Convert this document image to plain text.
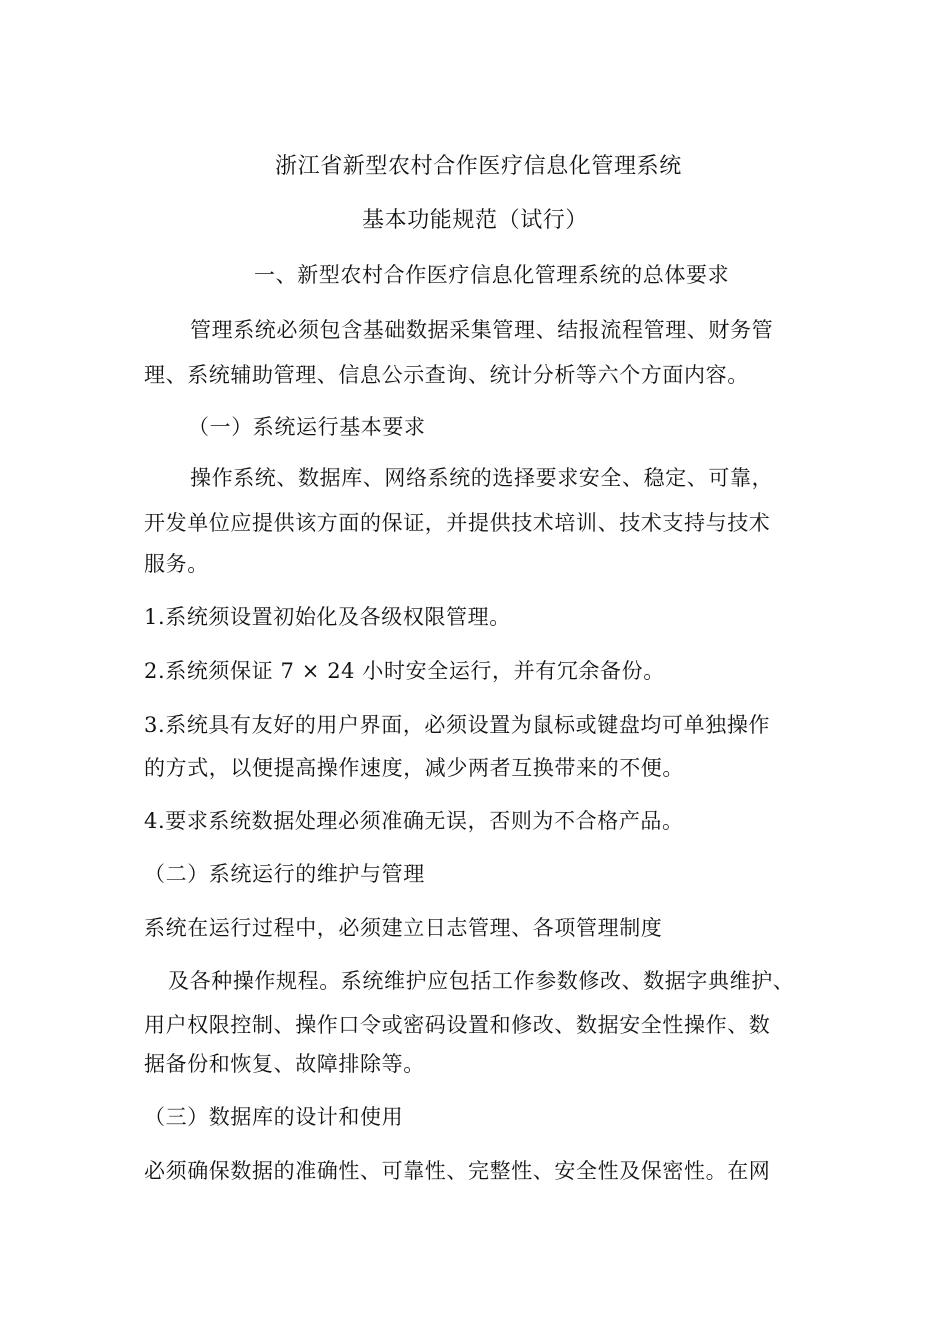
浙江省新型农村合作医疗信息化管理系统
基本功能规范（试行）
一、新型农村合作医疗信息化管理系统的总体要求
管理系统必须包含基础数据采集管理、结报流程管理、财务管
理、系统辅助管理、信息公示查询、统计分析等六个方面内容。
（一）系统运行基本要求
操作系统、数据库、网络系统的选择要求安全、稳定、可靠，
开发单位应提供该方面的保证，并提供技术培训、技术支持与技术
服务。
1.系统须设置初始化及各级权限管理。
2.系统须保证 7 × 24 小时安全运行，并有冗余备份。
3.系统具有友好的用户界面，必须设置为鼠标或键盘均可单独操作
的方式，以便提高操作速度，减少两者互换带来的不便。
4.要求系统数据处理必须准确无误，否则为不合格产品。
（二）系统运行的维护与管理
系统在运行过程中，必须建立日志管理、各项管理制度
及各种操作规程。系统维护应包括工作参数修改、数据字典维护、
用户权限控制、操作口令或密码设置和修改、数据安全性操作、数
据备份和恢复、故障排除等。
（三）数据库的设计和使用
必须确保数据的准确性、可靠性、完整性、安全性及保密性。在网
